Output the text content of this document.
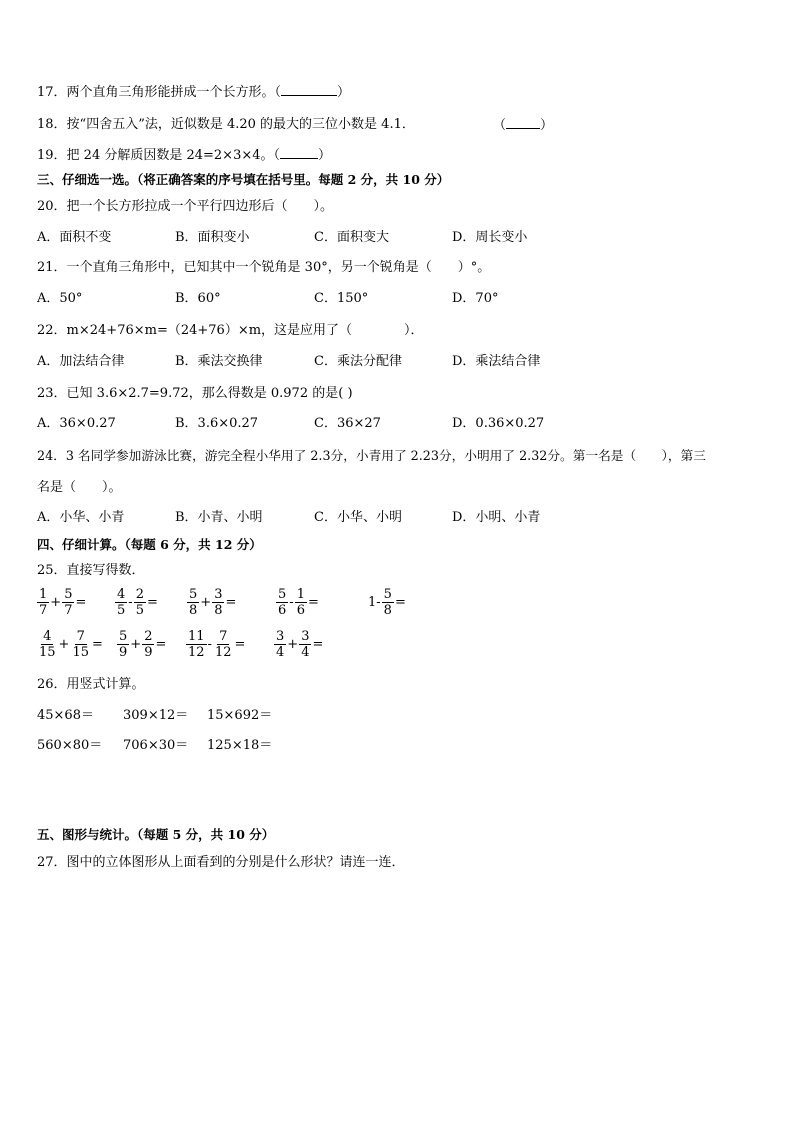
17．两个直角三角形能拼成一个长方形。（	）
18．按“四舍五入”法，近似数是 4.20 的最大的三位小数是 4.1．	（	）
19．把 24 分解质因数是 24=2×3×4。（	）
三、仔细选一选。（将正确答案的序号填在括号里。每题 2 分，共 10 分）
20．把一个长方形拉成一个平行四边形后（　　）。
A．面积不变	B．面积变小	C．面积变大	D．周长变小
21．一个直角三角形中，已知其中一个锐角是 30°，另一个锐角是（　　）°。
A．50°	B．60°	C．150°	D．70°
22．m×24+76×m=（24+76）×m，这是应用了（　　　　）．
A．加法结合律	B．乘法交换律	C．乘法分配律	D．乘法结合律
23．已知 3.6×2.7=9.72，那么得数是 0.972 的是( )
A．36×0.27	B．3.6×0.27	C．36×27	D．0.36×0.27
24．3 名同学参加游泳比赛，游完全程小华用了 2.3分，小青用了 2.23分，小明用了 2.32分。第一名是（　　），第三
名是（　　）。
A．小华、小青	B．小青、小明	C．小华、小明	D．小明、小青
四、仔细计算。（每题 6 分，共 12 分）
25．直接写得数．
$\frac{1}{7} + \frac{5}{7} = \frac{4}{5} - \frac{2}{5} = \frac{5}{8} + \frac{3}{8}$ =	$\frac{5}{6} - \frac{1}{6}$ =	$1- \frac{5}{8}$ =
$\frac{4}{15} + \frac{7}{15} = \frac{5}{9} + \frac{2}{9} = \frac{11}{12} - \frac{7}{12} = \frac{3}{4} + \frac{3}{4}$ =
26．用竖式计算。
45×68＝ 309×12＝ 15×692＝
560×80＝ 706×30＝ 125×18＝
五、图形与统计。（每题 5 分，共 10 分）
27．图中的立体图形从上面看到的分别是什么形状？请连一连．
